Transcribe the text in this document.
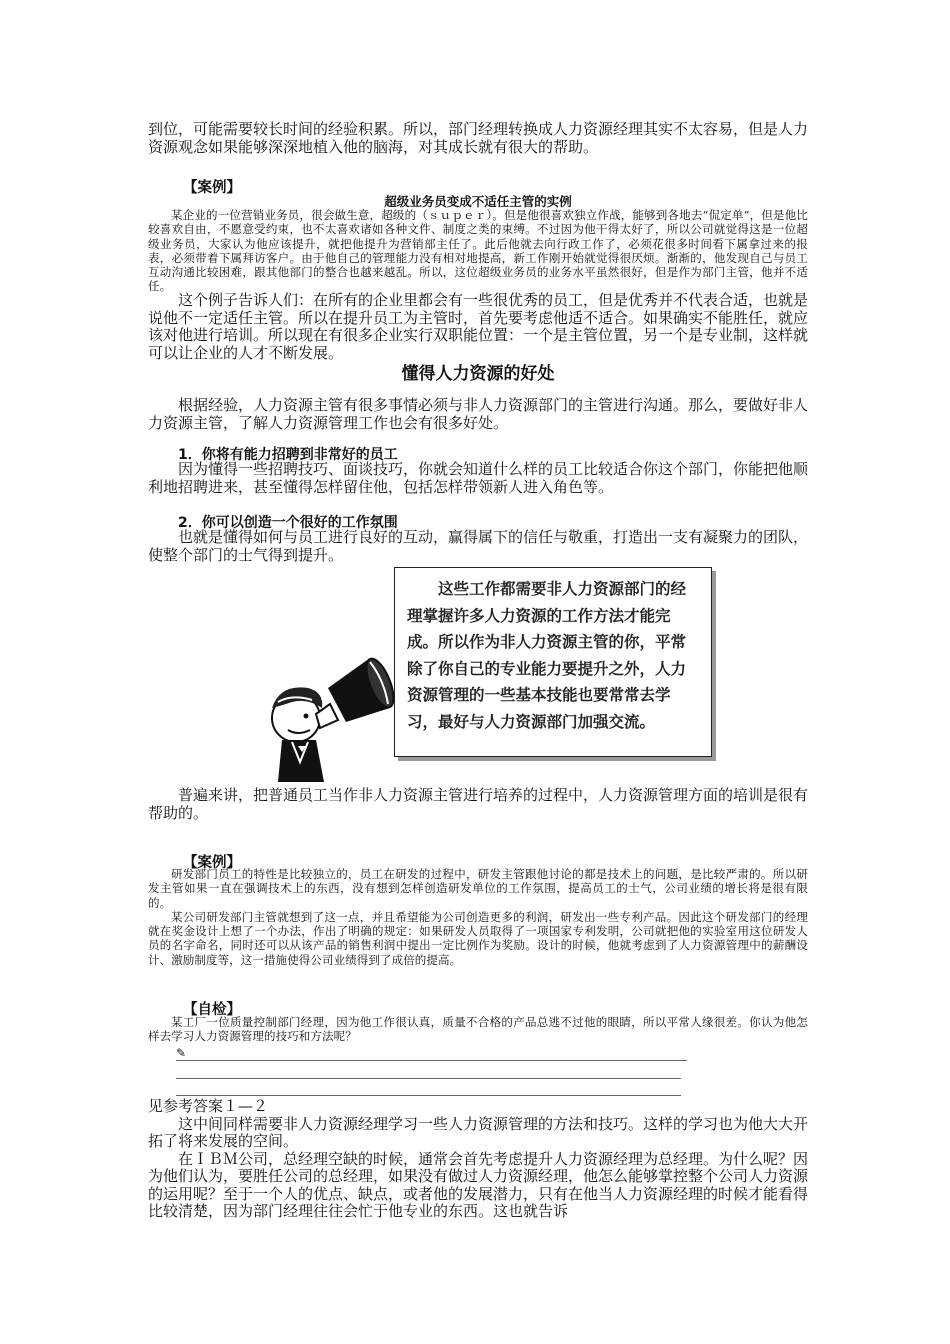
到位，可能需要较长时间的经验积累。所以，部门经理转换成人力资源经理其实不太容易，但是人力资源观念如果能够深深地植入他的脑海，对其成长就有很大的帮助。

【案例】
超级业务员变成不适任主管的实例

某企业的一位营销业务员，很会做生意，超级的（ｓｕｐｅｒ）。但是他很喜欢独立作战，能够到各地去“侃定单”，但是他比较喜欢自由，不愿意受约束，也不太喜欢诸如各种文件、制度之类的束缚。不过因为他干得太好了，所以公司就觉得这是一位超级业务员，大家认为他应该提升，就把他提升为营销部主任了。此后他就去向行政工作了，必须花很多时间看下属拿过来的报表，必须带着下属拜访客户。由于他自己的管理能力没有相对地提高，新工作刚开始就觉得很厌烦。渐渐的，他发现自己与员工互动沟通比较困难，跟其他部门的整合也越来越乱。所以，这位超级业务员的业务水平虽然很好，但是作为部门主管，他并不适任。

这个例子告诉人们：在所有的企业里都会有一些很优秀的员工，但是优秀并不代表合适，也就是说他不一定适任主管。所以在提升员工为主管时，首先要考虑他适不适合。如果确实不能胜任，就应该对他进行培训。所以现在有很多企业实行双职能位置：一个是主管位置，另一个是专业制，这样就可以让企业的人才不断发展。

懂得人力资源的好处

根据经验，人力资源主管有很多事情必须与非人力资源部门的主管进行沟通。那么，要做好非人力资源主管，了解人力资源管理工作也会有很多好处。

1．你将有能力招聘到非常好的员工

因为懂得一些招聘技巧、面谈技巧，你就会知道什么样的员工比较适合你这个部门，你能把他顺利地招聘进来，甚至懂得怎样留住他，包括怎样带领新人进入角色等。

2．你可以创造一个很好的工作氛围

也就是懂得如何与员工进行良好的互动，赢得属下的信任与敬重，打造出一支有凝聚力的团队，使整个部门的士气得到提升。

这些工作都需要非人力资源部门的经理掌握许多人力资源的工作方法才能完成。所以作为非人力资源主管的你，平常除了你自己的专业能力要提升之外，人力资源管理的一些基本技能也要常常去学习，最好与人力资源部门加强交流。

普遍来讲，把普通员工当作非人力资源主管进行培养的过程中，人力资源管理方面的培训是很有帮助的。

【案例】

研发部门员工的特性是比较独立的，员工在研发的过程中，研发主管跟他讨论的都是技术上的问题，是比较严肃的。所以研发主管如果一直在强调技术上的东西，没有想到怎样创造研发单位的工作氛围，提高员工的士气，公司业绩的增长将是很有限的。

某公司研发部门主管就想到了这一点，并且希望能为公司创造更多的利润，研发出一些专利产品。因此这个研发部门的经理就在奖金设计上想了一个办法，作出了明确的规定：如果研发人员取得了一项国家专利发明，公司就把他的实验室用这位研发人员的名字命名，同时还可以从该产品的销售利润中提出一定比例作为奖励。设计的时候，他就考虑到了人力资源管理中的薪酬设计、激励制度等，这一措施使得公司业绩得到了成倍的提高。

【自检】

某工厂一位质量控制部门经理，因为他工作很认真，质量不合格的产品总逃不过他的眼睛，所以平常人缘很差。你认为他怎样去学习人力资源管理的技巧和方法呢？

✎

见参考答案１—２

这中间同样需要非人力资源经理学习一些人力资源管理的方法和技巧。这样的学习也为他大大开拓了将来发展的空间。

在ＩＢＭ公司，总经理空缺的时候，通常会首先考虑提升人力资源经理为总经理。为什么呢？因为他们认为，要胜任公司的总经理，如果没有做过人力资源经理，他怎么能够掌控整个公司人力资源的运用呢？至于一个人的优点、缺点，或者他的发展潜力，只有在他当人力资源经理的时候才能看得比较清楚，因为部门经理往往会忙于他专业的东西。这也就告诉
